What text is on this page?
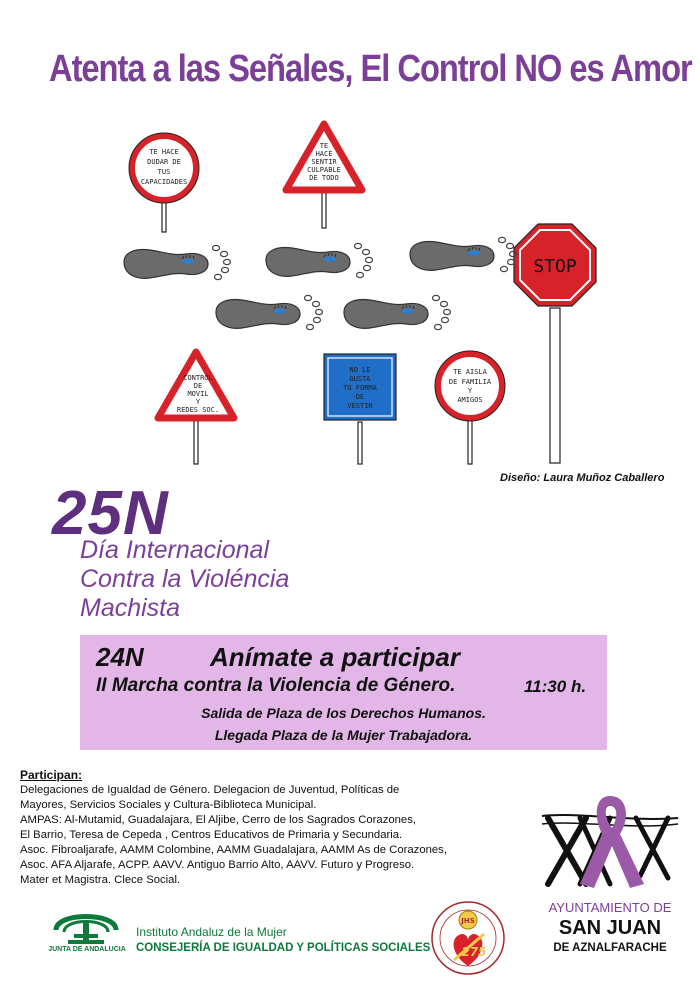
Atenta a las Señales, El Control NO es Amor
TE HACE
DUDAR DE
TUS
CAPACIDADES
TE
HACE
SENTIR
CULPABLE
DE TODO
STOP
CONTROL
DE
MOVIL
Y
REDES SOC.
NO LE
GUSTA
TU FORMA
DE
VESTIR
TE AISLA
DE FAMILIA
Y
AMIGOS
Diseño: Laura Muñoz Caballero
25N
Día Internacional
Contra la Violéncia
Machista
24N	Anímate a participar
II Marcha contra la Violencia de Género.	11:30 h.
Salida de Plaza de los Derechos Humanos.
Llegada Plaza de la Mujer Trabajadora.
Participan:
Delegaciones de Igualdad de Género. Delegacion de Juventud, Políticas de
Mayores, Servicios Sociales y Cultura-Biblioteca Municipal.
AMPAS: Al-Mutamid, Guadalajara, El Aljibe, Cerro de los Sagrados Corazones,
El Barrio, Teresa de Cepeda , Centros Educativos de Primaria y Secundaria.
Asoc. Fibroaljarafe, AAMM Colombine, AAMM Guadalajara, AAMM As de Corazones,
Asoc. AFA Aljarafe, ACPP. AAVV. Antiguo Barrio Alto, AAVV. Futuro y Progreso.
Mater et Magistra. Clece Social.
AYUNTAMIENTO DE
SAN JUAN
DE AZNALFARACHE
JUNTA DE ANDALUCIA
Instituto Andaluz de la Mujer
CONSEJERÍA DE IGUALDAD Y POLÍTICAS SOCIALES
JHS
275
